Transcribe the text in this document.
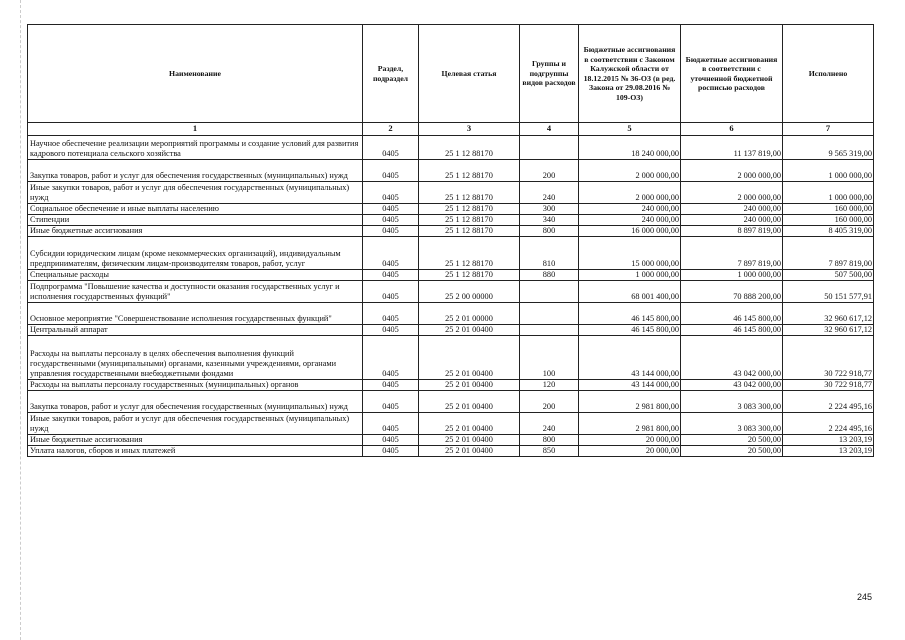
Наименование	Раздел, подраздел	Целевая статья	Группы и подгруппы видов расходов	Бюджетные ассигнования в соответствии с Законом Калужской области от 18.12.2015 № 36-ОЗ (в ред. Закона от 29.08.2016 № 109-ОЗ)	Бюджетные ассигнования в соответствии с уточненной бюджетной росписью расходов	Исполнено
1	2	3	4	5	6	7
Научное обеспечение реализации мероприятий программы и создание условий для развития кадрового потенциала сельского хозяйства	0405	25 1 12 88170		18 240 000,00	11 137 819,00	9 565 319,00
Закупка товаров, работ и услуг для обеспечения государственных (муниципальных) нужд	0405	25 1 12 88170	200	2 000 000,00	2 000 000,00	1 000 000,00
Иные закупки товаров, работ и услуг для обеспечения государственных (муниципальных) нужд	0405	25 1 12 88170	240	2 000 000,00	2 000 000,00	1 000 000,00
Социальное обеспечение и иные выплаты населению	0405	25 1 12 88170	300	240 000,00	240 000,00	160 000,00
Стипендии	0405	25 1 12 88170	340	240 000,00	240 000,00	160 000,00
Иные бюджетные ассигнования	0405	25 1 12 88170	800	16 000 000,00	8 897 819,00	8 405 319,00
Субсидии юридическим лицам (кроме некоммерческих организаций), индивидуальным предпринимателям, физическим лицам-производителям товаров, работ, услуг	0405	25 1 12 88170	810	15 000 000,00	7 897 819,00	7 897 819,00
Специальные расходы	0405	25 1 12 88170	880	1 000 000,00	1 000 000,00	507 500,00
Подпрограмма "Повышение качества и доступности оказания государственных услуг и исполнения государственных функций"	0405	25 2 00 00000		68 001 400,00	70 888 200,00	50 151 577,91
Основное мероприятие "Совершенствование исполнения государственных функций"	0405	25 2 01 00000		46 145 800,00	46 145 800,00	32 960 617,12
Центральный аппарат	0405	25 2 01 00400		46 145 800,00	46 145 800,00	32 960 617,12
Расходы на выплаты персоналу в целях обеспечения выполнения функций государственными (муниципальными) органами, казенными учреждениями, органами управления государственными внебюджетными фондами	0405	25 2 01 00400	100	43 144 000,00	43 042 000,00	30 722 918,77
Расходы на выплаты персоналу государственных (муниципальных) органов	0405	25 2 01 00400	120	43 144 000,00	43 042 000,00	30 722 918,77
Закупка товаров, работ и услуг для обеспечения государственных (муниципальных) нужд	0405	25 2 01 00400	200	2 981 800,00	3 083 300,00	2 224 495,16
Иные закупки товаров, работ и услуг для обеспечения государственных (муниципальных) нужд	0405	25 2 01 00400	240	2 981 800,00	3 083 300,00	2 224 495,16
Иные бюджетные ассигнования	0405	25 2 01 00400	800	20 000,00	20 500,00	13 203,19
Уплата налогов, сборов и иных платежей	0405	25 2 01 00400	850	20 000,00	20 500,00	13 203,19
245
